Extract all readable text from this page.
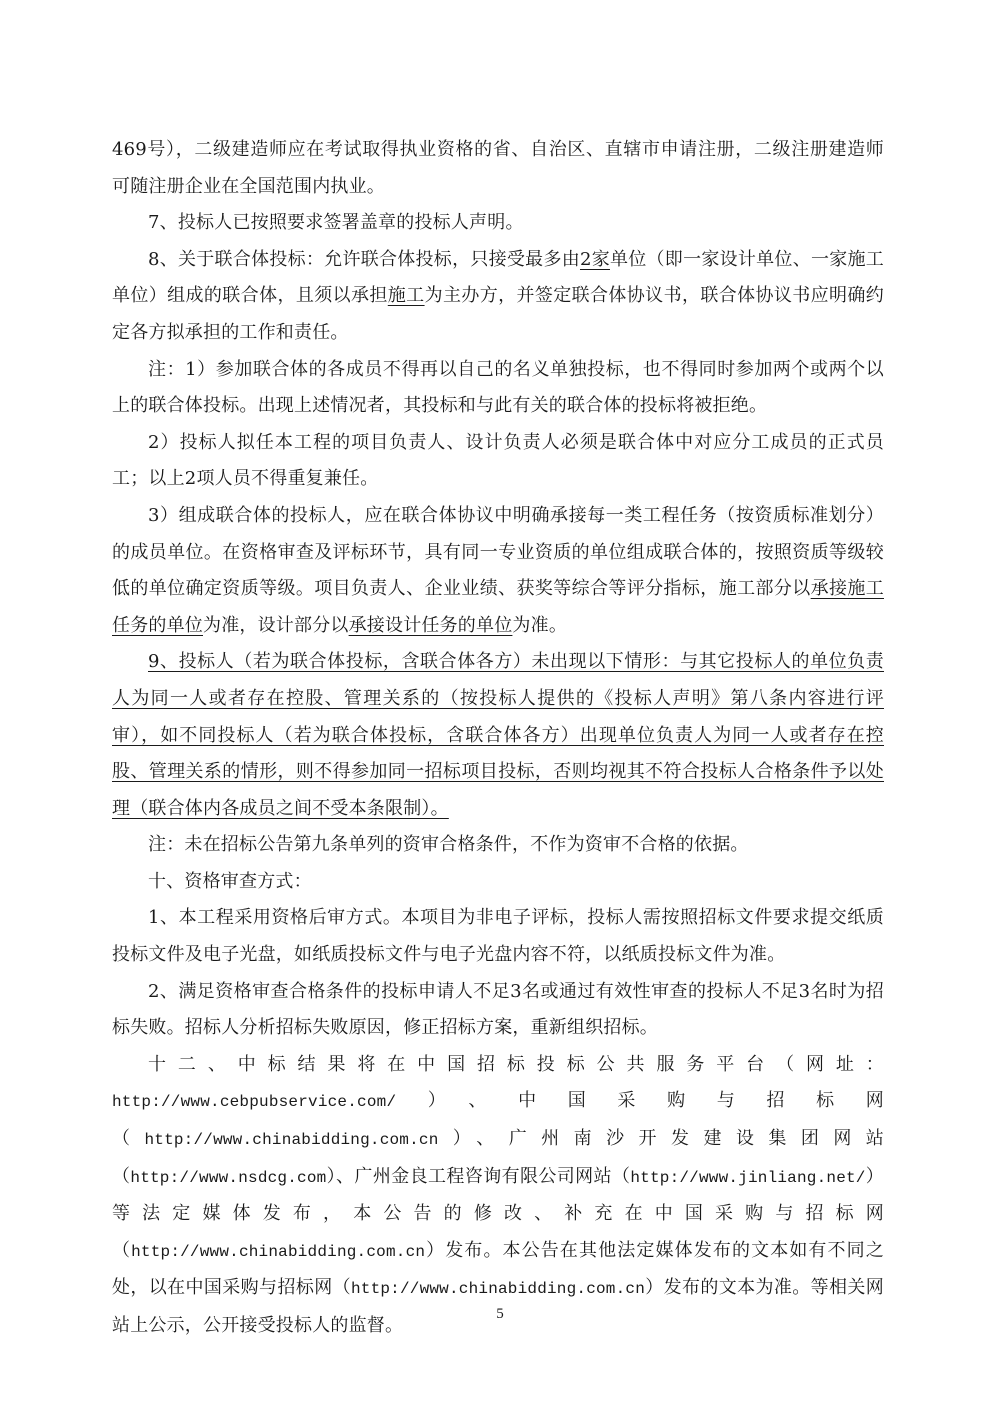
469号），二级建造师应在考试取得执业资格的省、自治区、直辖市申请注册，二级注册建造师可随注册企业在全国范围内执业。

7、投标人已按照要求签署盖章的投标人声明。

8、关于联合体投标：允许联合体投标，只接受最多由2家单位（即一家设计单位、一家施工单位）组成的联合体，且须以承担施工为主办方，并签定联合体协议书，联合体协议书应明确约定各方拟承担的工作和责任。

注：1）参加联合体的各成员不得再以自己的名义单独投标，也不得同时参加两个或两个以上的联合体投标。出现上述情况者，其投标和与此有关的联合体的投标将被拒绝。

2）投标人拟任本工程的项目负责人、设计负责人必须是联合体中对应分工成员的正式员工；以上2项人员不得重复兼任。

3）组成联合体的投标人，应在联合体协议中明确承接每一类工程任务（按资质标准划分）的成员单位。在资格审查及评标环节，具有同一专业资质的单位组成联合体的，按照资质等级较低的单位确定资质等级。项目负责人、企业业绩、获奖等综合等评分指标，施工部分以承接施工任务的单位为准，设计部分以承接设计任务的单位为准。

9、投标人（若为联合体投标，含联合体各方）未出现以下情形：与其它投标人的单位负责人为同一人或者存在控股、管理关系的（按投标人提供的《投标人声明》第八条内容进行评审），如不同投标人（若为联合体投标，含联合体各方）出现单位负责人为同一人或者存在控股、管理关系的情形，则不得参加同一招标项目投标，否则均视其不符合投标人合格条件予以处理（联合体内各成员之间不受本条限制）。

注：未在招标公告第九条单列的资审合格条件，不作为资审不合格的依据。

十、资格审查方式：

1、本工程采用资格后审方式。本项目为非电子评标，投标人需按照招标文件要求提交纸质投标文件及电子光盘，如纸质投标文件与电子光盘内容不符，以纸质投标文件为准。

2、满足资格审查合格条件的投标申请人不足3名或通过有效性审查的投标人不足3名时为招标失败。招标人分析招标失败原因，修正招标方案，重新组织招标。

十二、中标结果将在中国招标投标公共服务平台（网址：http://www.cebpubservice.com/）、中国采购与招标网（http://www.chinabidding.com.cn）、广州南沙开发建设集团网站（http://www.nsdcg.com）、广州金良工程咨询有限公司网站（http://www.jinliang.net/）等法定媒体发布，本公告的修改、补充在中国采购与招标网（http://www.chinabidding.com.cn）发布。本公告在其他法定媒体发布的文本如有不同之处，以在中国采购与招标网（http://www.chinabidding.com.cn）发布的文本为准。等相关网站上公示，公开接受投标人的监督。

5
